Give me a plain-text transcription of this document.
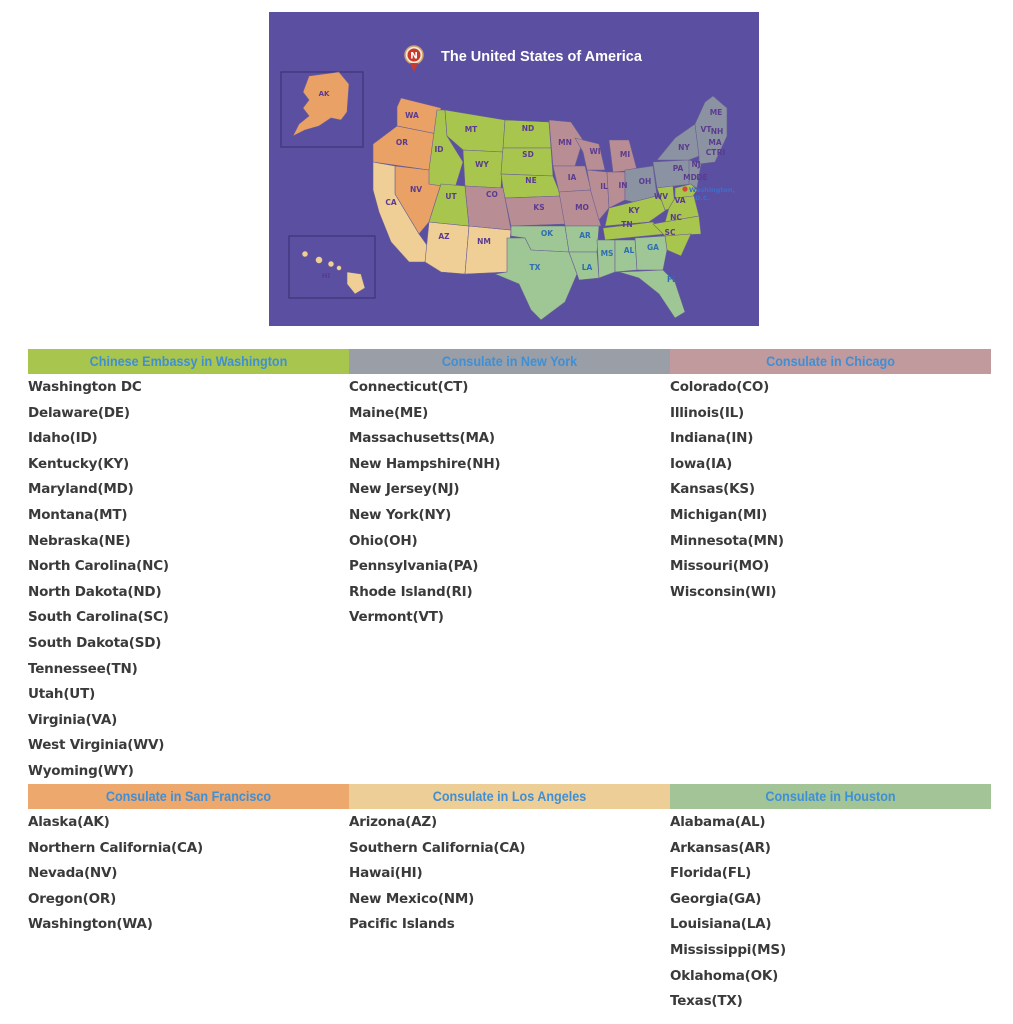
AK
HI
WA
OR
CA
NV
ID
MT
WY
UT
AZ
CO
NM
ND
SD
NE
KS
OK
TX
MN
IA
MO
AR
LA
WI
IL
MI
IN OH
KY
TN
MS AL GA
FL
SC
NC
VA
WV
PA
NY
ME
VT NH
MA
RI
CT
NJ
MD DE
Washington,
D.C.
N The United States of America
Chinese Embassy in Washington
Washington DC
Delaware(DE)
Idaho(ID)
Kentucky(KY)
Maryland(MD)
Montana(MT)
Nebraska(NE)
North Carolina(NC)
North Dakota(ND)
South Carolina(SC)
South Dakota(SD)
Tennessee(TN)
Utah(UT)
Virginia(VA)
West Virginia(WV)
Wyoming(WY)
Consulate in New York
Connecticut(CT)
Maine(ME)
Massachusetts(MA)
New Hampshire(NH)
New Jersey(NJ)
New York(NY)
Ohio(OH)
Pennsylvania(PA)
Rhode Island(RI)
Vermont(VT)
Consulate in Chicago
Colorado(CO)
Illinois(IL)
Indiana(IN)
Iowa(IA)
Kansas(KS)
Michigan(MI)
Minnesota(MN)
Missouri(MO)
Wisconsin(WI)
Consulate in San Francisco
Alaska(AK)
Northern California(CA)
Nevada(NV)
Oregon(OR)
Washington(WA)
Consulate in Los Angeles
Arizona(AZ)
Southern California(CA)
Hawai(HI)
New Mexico(NM)
Pacific Islands
Consulate in Houston
Alabama(AL)
Arkansas(AR)
Florida(FL)
Georgia(GA)
Louisiana(LA)
Mississippi(MS)
Oklahoma(OK)
Texas(TX)
